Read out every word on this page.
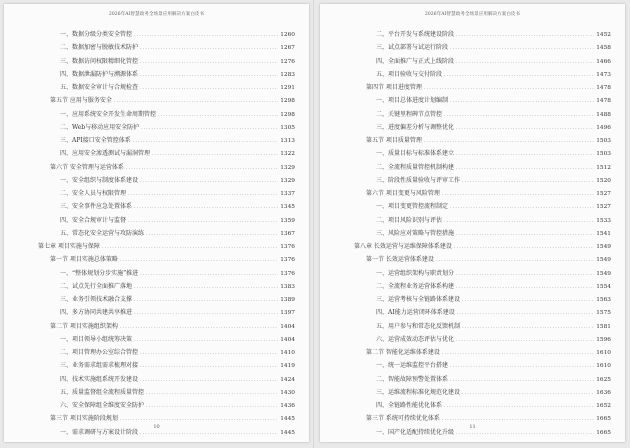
2026年AI智慧政务全场景应用解决方案白皮书
一、数据分级分类安全管控 .....	1260
二、数据加密与脱敏技术防护 .....	1267
三、数据访问权限精细化管控 .....	1276
四、数据泄漏防护与溯源体系 .....	1283
五、数据安全审计与合规检查 .....	1291
第五节 应用与服务安全 .....	1298
一、应用系统安全开发生命周期管控 .....	1298
二、Web与移动应用安全防护 .....	1305
三、API接口安全管控体系 .....	1313
四、应用安全渗透测试与漏洞管理 .....	1322
第六节 安全管理与运营体系 .....	1329
一、安全组织与制度体系建设 .....	1329
二、安全人员与权限管理 .....	1337
三、安全事件应急处置体系 .....	1345
四、安全合规审计与监督 .....	1359
五、常态化安全运营与攻防演练 .....	1367
第七章 项目实施与保障 .....	1376
第一节 项目实施总体策略 .....	1376
一、“整体规划分步实施”推进 .....	1376
二、试点先行全面推广落地 .....	1383
三、业务引领技术融合支撑 .....	1389
四、多方协同共建共享推进 .....	1397
第二节 项目实施组织架构 .....	1404
一、项目领导小组统筹决策 .....	1404
二、项目管理办公室综合管控 .....	1410
三、业务需求组需求梳理对接 .....	1419
四、技术实施组系统开发建设 .....	1424
五、质量监督组全流程质量管控 .....	1430
六、安全保障组全维度安全防护 .....	1436
第三节 项目实施阶段规划 .....	1445
一、需求调研与方案设计阶段 .....	1445
10
2026年AI智慧政务全场景应用解决方案白皮书
二、平台开发与系统建设阶段 .....	1452
三、试点部署与试运行阶段 .....	1458
四、全面推广与正式上线阶段 .....	1466
五、项目验收与交付阶段 .....	1473
第四节 项目进度管理 .....	1478
一、项目总体进度计划编制 .....	1478
二、关键里程碑节点管控 .....	1488
三、进度偏差分析与调整优化 .....	1496
第五节 项目质量管理 .....	1503
一、质量目标与标准体系建立 .....	1503
二、全流程质量管控机制构建 .....	1512
三、阶段性质量验收与评审工作 .....	1520
第六节 项目变更与风险管理 .....	1527
一、项目变更管控流程制定 .....	1527
二、项目风险识别与评估 .....	1533
三、风险应对策略与管控措施 .....	1541
第八章 长效运营与运维保障体系建设 .....	1549
第一节 长效运营体系建设 .....	1549
一、运营组织架构与职责划分 .....	1549
二、全流程业务运营体系构建 .....	1554
三、运营考核与全链路体系建设 .....	1563
四、AI能力运营闭环体系建设 .....	1575
五、用户参与和常态化反馈机制 .....	1581
六、运营成效动态评估与优化 .....	1596
第二节 智能化运维体系建设 .....	1610
一、统一运维监控平台搭建 .....	1610
二、智能故障预警处置体系 .....	1625
三、运维流程标准化规范化建设 .....	1636
四、全链路性能优化体系 .....	1652
第三节 系统可持续优化体系 .....	1665
一、国产化适配持续优化升级 .....	1665
11
